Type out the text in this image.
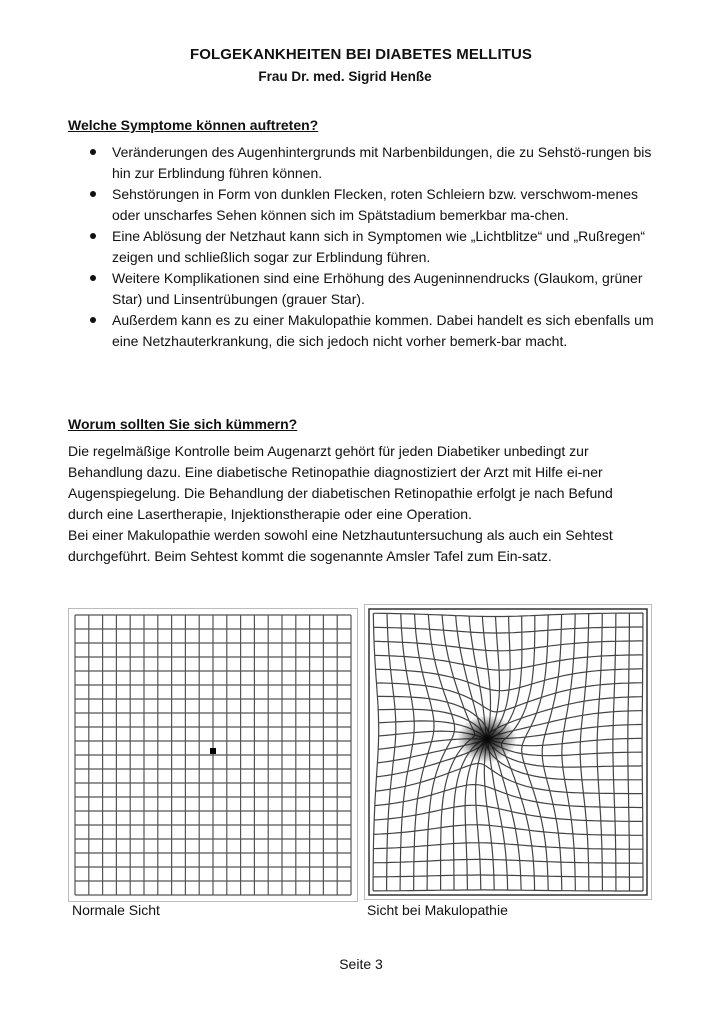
FOLGEKANKHEITEN BEI DIABETES MELLITUS
Frau Dr. med. Sigrid Henße
Welche Symptome können auftreten?
Veränderungen des Augenhintergrunds mit Narbenbildungen, die zu Sehstö-rungen bis hin zur Erblindung führen können.
Sehstörungen in Form von dunklen Flecken, roten Schleiern bzw. verschwom-menes oder unscharfes Sehen können sich im Spätstadium bemerkbar ma-chen.
Eine Ablösung der Netzhaut kann sich in Symptomen wie „Lichtblitze“ und „Rußregen“ zeigen und schließlich sogar zur Erblindung führen.
Weitere Komplikationen sind eine Erhöhung des Augeninnendrucks (Glaukom, grüner Star) und Linsentrübungen (grauer Star).
Außerdem kann es zu einer Makulopathie kommen. Dabei handelt es sich ebenfalls um eine Netzhauterkrankung, die sich jedoch nicht vorher bemerk-bar macht.
Worum sollten Sie sich kümmern?

Die regelmäßige Kontrolle beim Augenarzt gehört für jeden Diabetiker unbedingt zur Behandlung dazu. Eine diabetische Retinopathie diagnostiziert der Arzt mit Hilfe ei-ner Augenspiegelung. Die Behandlung der diabetischen Retinopathie erfolgt je nach Befund durch eine Lasertherapie, Injektionstherapie oder eine Operation.

Bei einer Makulopathie werden sowohl eine Netzhautuntersuchung als auch ein Sehtest durchgeführt. Beim Sehtest kommt die sogenannte Amsler Tafel zum Ein-satz.

Normale Sicht	Sicht bei Makulopathie
Seite 3
